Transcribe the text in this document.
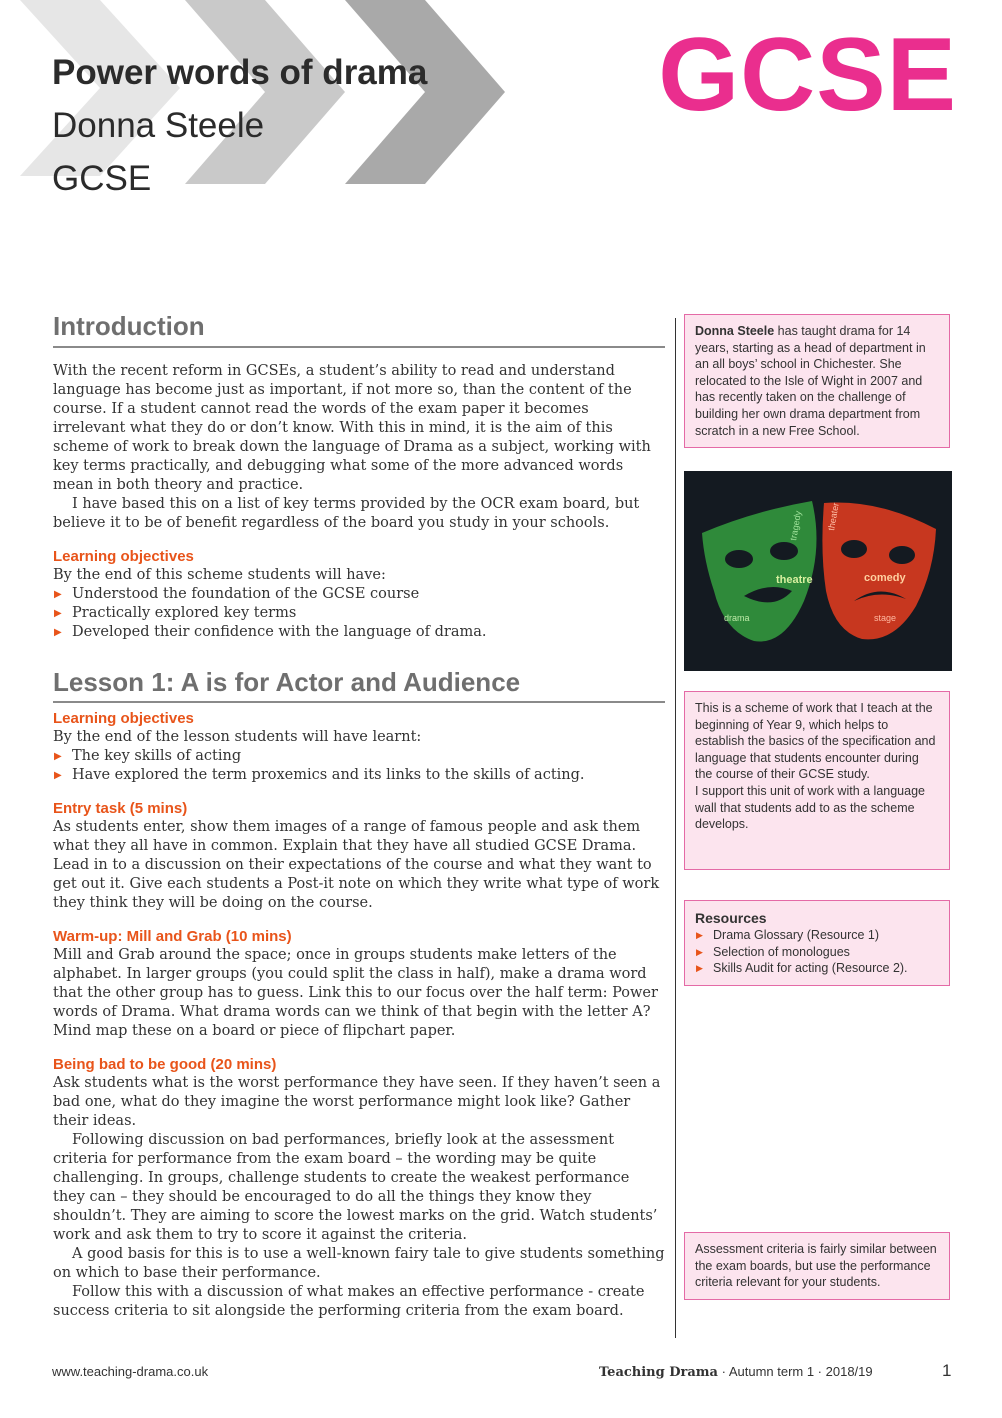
Power words of drama
Donna Steele
GCSE
GCSE
Introduction

With the recent reform in GCSEs, a student’s ability to read and understand language has become just as important, if not more so, than the content of the course. If a student cannot read the words of the exam paper it becomes irrelevant what they do or don’t know. With this in mind, it is the aim of this scheme of work to break down the language of Drama as a subject, working with key terms practically, and debugging what some of the more advanced words mean in both theory and practice.

I have based this on a list of key terms provided by the OCR exam board, but believe it to be of benefit regardless of the board you study in your schools.

Learning objectives

By the end of this scheme students will have:

▶ Understood the foundation of the GCSE course
▶ Practically explored key terms
▶ Developed their confidence with the language of drama.
Lesson 1: A is for Actor and Audience
Learning objectives

By the end of the lesson students will have learnt:

▶ The key skills of acting
▶ Have explored the term proxemics and its links to the skills of acting.
Entry task (5 mins)

As students enter, show them images of a range of famous people and ask them what they all have in common. Explain that they have all studied GCSE Drama. Lead in to a discussion on their expectations of the course and what they want to get out it. Give each students a Post-it note on which they write what type of work they think they will be doing on the course.

Warm-up: Mill and Grab (10 mins)

Mill and Grab around the space; once in groups students make letters of the alphabet. In larger groups (you could split the class in half), make a drama word that the other group has to guess. Link this to our focus over the half term: Power words of Drama. What drama words can we think of that begin with the letter A? Mind map these on a board or piece of flipchart paper.

Being bad to be good (20 mins)

Ask students what is the worst performance they have seen. If they haven’t seen a bad one, what do they imagine the worst performance might look like? Gather their ideas.

Following discussion on bad performances, briefly look at the assessment criteria for performance from the exam board – the wording may be quite challenging. In groups, challenge students to create the weakest performance they can – they should be encouraged to do all the things they know they shouldn’t. They are aiming to score the lowest marks on the grid. Watch students’ work and ask them to try to score it against the criteria.

A good basis for this is to use a well-known fairy tale to give students something on which to base their performance.

Follow this with a discussion of what makes an effective performance - create success criteria to sit alongside the performing criteria from the exam board.

Donna Steele has taught drama for 14 years, starting as a head of department in an all boys’ school in Chichester. She relocated to the Isle of Wight in 2007 and has recently taken on the challenge of building her own drama department from scratch in a new Free School.
theatre
tragedy
comedy
drama	stage
theater
This is a scheme of work that I teach at the beginning of Year 9, which helps to establish the basics of the specification and language that students encounter during the course of their GCSE study.
I support this unit of work with a language wall that students add to as the scheme develops.
Resources
▶ Drama Glossary (Resource 1)
▶ Selection of monologues
▶ Skills Audit for acting (Resource 2).
Assessment criteria is fairly similar between the exam boards, but use the performance criteria relevant for your students.
www.teaching-drama.co.uk	Teaching Drama · Autumn term 1 · 2018/19	1
